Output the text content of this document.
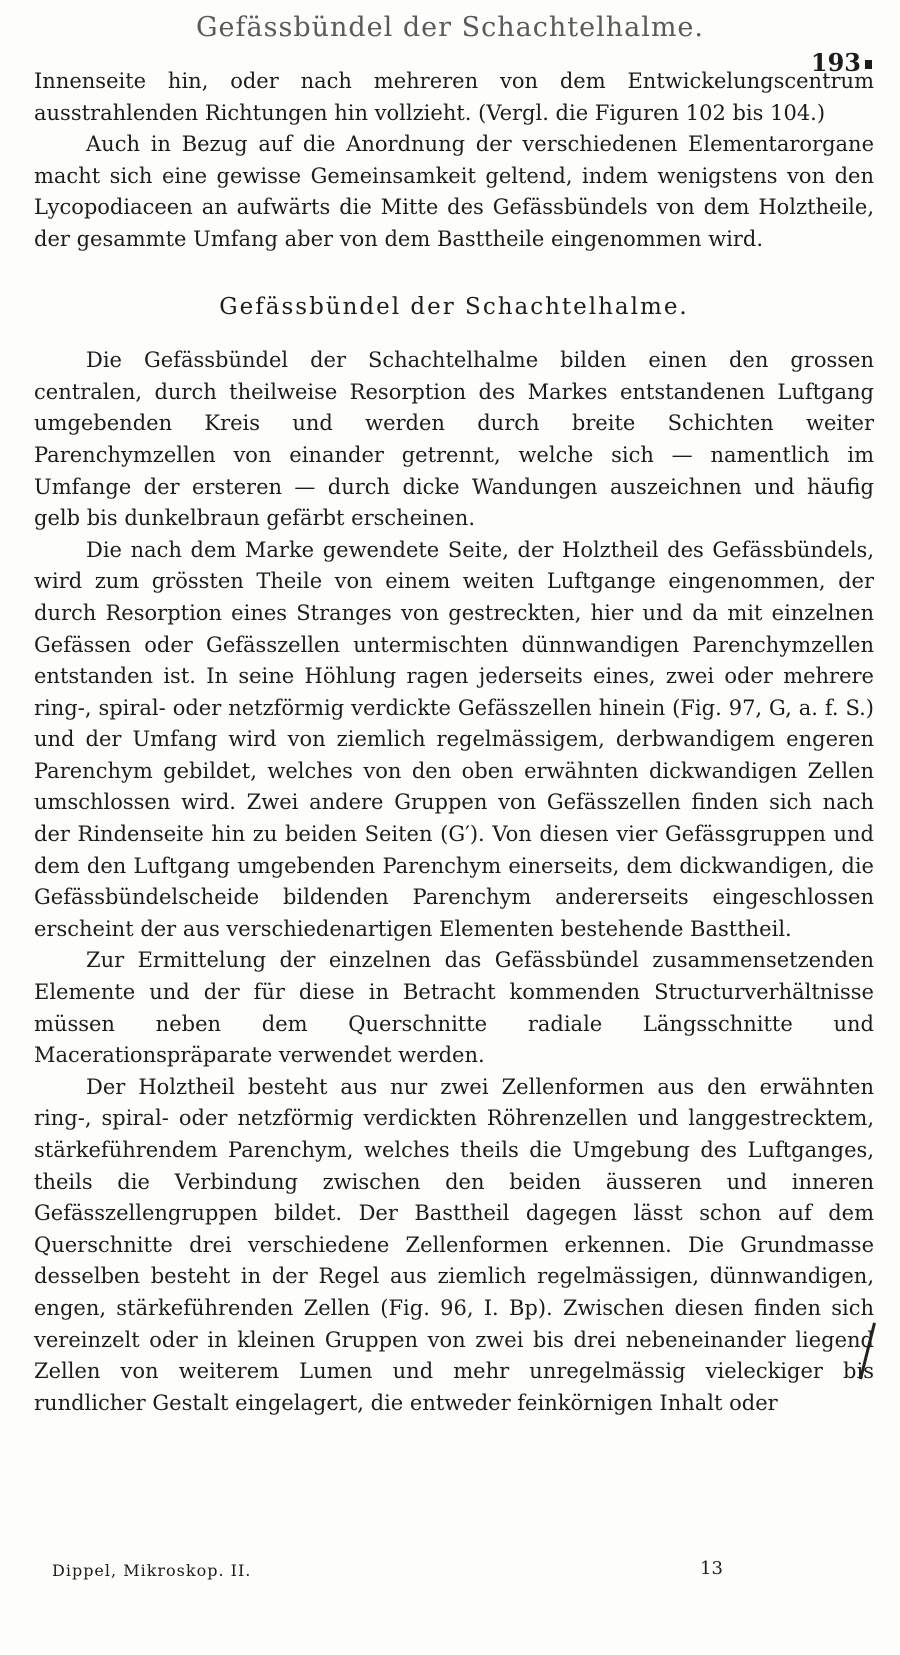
Gefässbündel der Schachtelhalme.
193

Innenseite hin, oder nach mehreren von dem Entwickelungscentrum ausstrahlenden Richtungen hin vollzieht. (Vergl. die Figuren 102 bis 104.)

Auch in Bezug auf die Anordnung der verschiedenen Elementarorgane macht sich eine gewisse Gemeinsamkeit geltend, indem wenigstens von den Lycopodiaceen an aufwärts die Mitte des Gefässbündels von dem Holztheile, der gesammte Umfang aber von dem Basttheile eingenommen wird.

Gefässbündel der Schachtelhalme.

Die Gefässbündel der Schachtelhalme bilden einen den grossen centralen, durch theilweise Resorption des Markes entstandenen Luftgang umgebenden Kreis und werden durch breite Schichten weiter Parenchymzellen von einander getrennt, welche sich — namentlich im Umfange der ersteren — durch dicke Wandungen auszeichnen und häufig gelb bis dunkelbraun gefärbt erscheinen.

Die nach dem Marke gewendete Seite, der Holztheil des Gefässbündels, wird zum grössten Theile von einem weiten Luftgange eingenommen, der durch Resorption eines Stranges von gestreckten, hier und da mit einzelnen Gefässen oder Gefässzellen untermischten dünnwandigen Parenchymzellen entstanden ist. In seine Höhlung ragen jederseits eines, zwei oder mehrere ring-, spiral- oder netzförmig verdickte Gefässzellen hinein (Fig. 97, G, a. f. S.) und der Umfang wird von ziemlich regelmässigem, derbwandigem engeren Parenchym gebildet, welches von den oben erwähnten dickwandigen Zellen umschlossen wird. Zwei andere Gruppen von Gefässzellen finden sich nach der Rindenseite hin zu beiden Seiten (G′). Von diesen vier Gefässgruppen und dem den Luftgang umgebenden Parenchym einerseits, dem dickwandigen, die Gefässbündelscheide bildenden Parenchym andererseits eingeschlossen erscheint der aus verschiedenartigen Elementen bestehende Basttheil.

Zur Ermittelung der einzelnen das Gefässbündel zusammensetzenden Elemente und der für diese in Betracht kommenden Structurverhältnisse müssen neben dem Querschnitte radiale Längsschnitte und Macerationspräparate verwendet werden.

Der Holztheil besteht aus nur zwei Zellenformen aus den erwähnten ring-, spiral- oder netzförmig verdickten Röhrenzellen und langgestrecktem, stärkeführendem Parenchym, welches theils die Umgebung des Luftganges, theils die Verbindung zwischen den beiden äusseren und inneren Gefässzellengruppen bildet. Der Basttheil dagegen lässt schon auf dem Querschnitte drei verschiedene Zellenformen erkennen. Die Grundmasse desselben besteht in der Regel aus ziemlich regelmässigen, dünnwandigen, engen, stärkeführenden Zellen (Fig. 96, I. Bp). Zwischen diesen finden sich vereinzelt oder in kleinen Gruppen von zwei bis drei nebeneinander liegend Zellen von weiterem Lumen und mehr unregelmässig vieleckiger bis rundlicher Gestalt eingelagert, die entweder feinkörnigen Inhalt oder

Dippel, Mikroskop. II.	13
